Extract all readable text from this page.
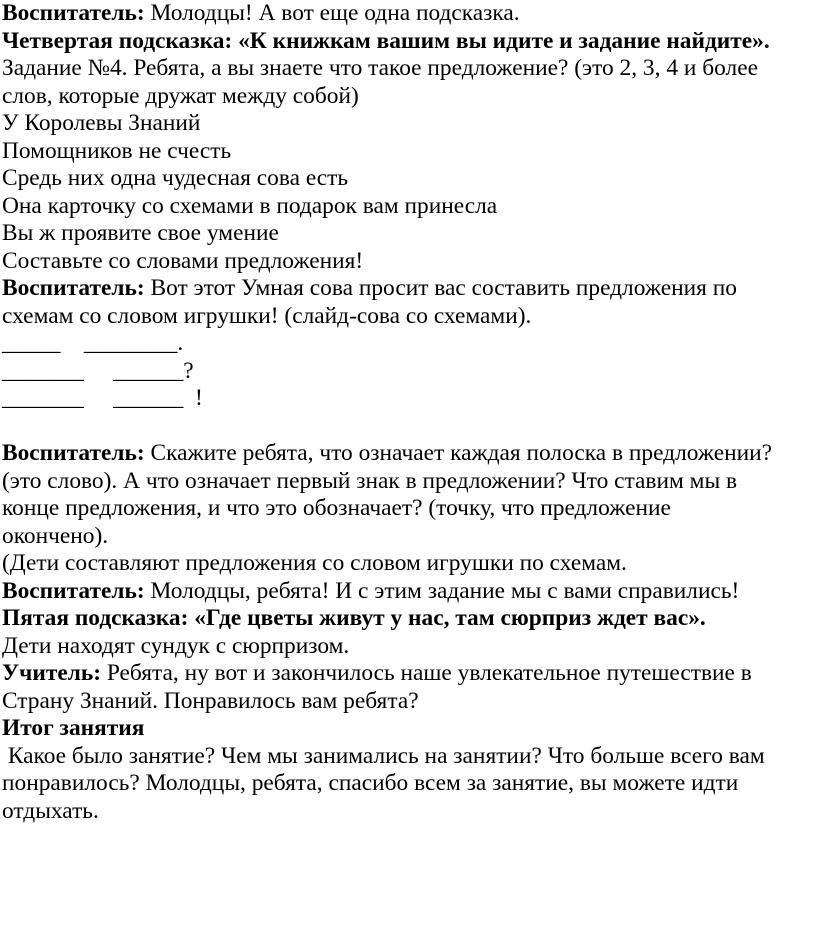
Воспитатель: Молодцы! А вот еще одна подсказка.
Четвертая подсказка: «К книжкам вашим вы идите и задание найдите».
Задание №4. Ребята, а вы знаете что такое предложение? (это 2, 3, 4 и более
слов, которые дружат между собой)
У Королевы Знаний
Помощников не счесть
Средь них одна чудесная сова есть
Она карточку со схемами в подарок вам принесла
Вы ж проявите свое умение
Составьте со словами предложения!
Воспитатель: Вот этот Умная сова просит вас составить предложения по
схемам со словом игрушки! (слайд-сова со схемами).
_____    ________.
_______     ______?
_______     ______  !
Воспитатель: Скажите ребята, что означает каждая полоска в предложении?
(это слово). А что означает первый знак в предложении? Что ставим мы в
конце предложения, и что это обозначает? (точку, что предложение
окончено).
(Дети составляют предложения со словом игрушки по схемам.
Воспитатель: Молодцы, ребята! И с этим задание мы с вами справились!
Пятая подсказка: «Где цветы живут у нас, там сюрприз ждет вас».
Дети находят сундук с сюрпризом.
Учитель: Ребята, ну вот и закончилось наше увлекательное путешествие в
Страну Знаний. Понравилось вам ребята?
Итог занятия
Какое было занятие? Чем мы занимались на занятии? Что больше всего вам
понравилось? Молодцы, ребята, спасибо всем за занятие, вы можете идти
отдыхать.
